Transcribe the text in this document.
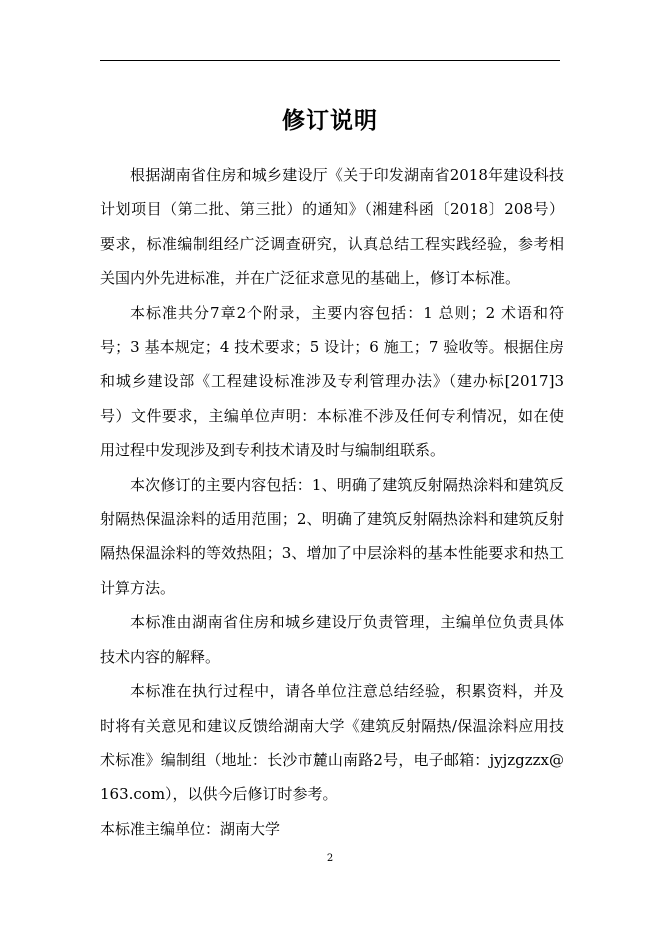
修订说明

根据湖南省住房和城乡建设厅《关于印发湖南省2018年建设科技计划项目（第二批、第三批）的通知》（湘建科函〔2018〕208号）要求，标准编制组经广泛调查研究，认真总结工程实践经验，参考相关国内外先进标准，并在广泛征求意见的基础上，修订本标准。

本标准共分7章2个附录，主要内容包括：1 总则；2 术语和符号；3 基本规定；4 技术要求；5 设计；6 施工；7 验收等。根据住房和城乡建设部《工程建设标准涉及专利管理办法》（建办标[2017]3号）文件要求，主编单位声明：本标准不涉及任何专利情况，如在使用过程中发现涉及到专利技术请及时与编制组联系。

本次修订的主要内容包括：1、明确了建筑反射隔热涂料和建筑反射隔热保温涂料的适用范围；2、明确了建筑反射隔热涂料和建筑反射隔热保温涂料的等效热阻；3、增加了中层涂料的基本性能要求和热工计算方法。

本标准由湖南省住房和城乡建设厅负责管理，主编单位负责具体技术内容的解释。

本标准在执行过程中，请各单位注意总结经验，积累资料，并及时将有关意见和建议反馈给湖南大学《建筑反射隔热/保温涂料应用技术标准》编制组（地址：长沙市麓山南路2号，电子邮箱：jyjzgzzx@163.com），以供今后修订时参考。

本标准主编单位：湖南大学

2
